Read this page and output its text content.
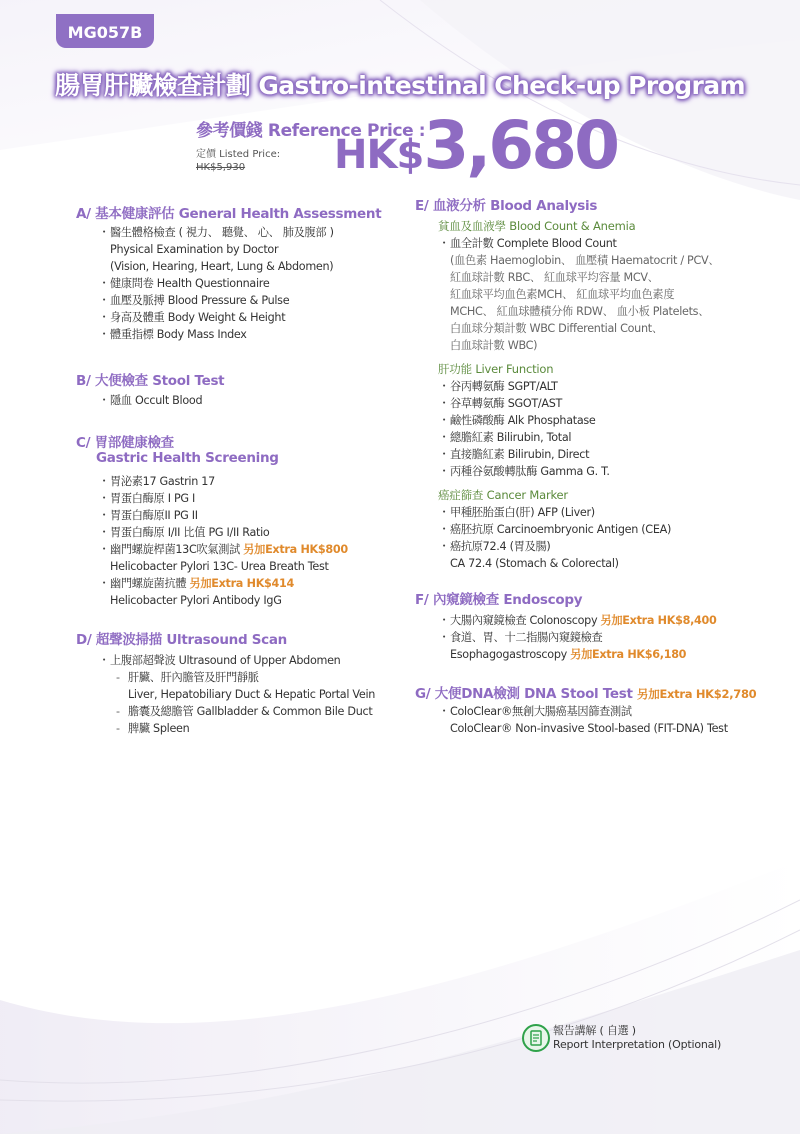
MG057B
腸胃肝臟檢查計劃 Gastro-intestinal Check-up Program
參考價錢 Reference Price :
定價 Listed Price:
HK$5,930 HK$3,680
A/ 基本健康評估 General Health Assessment
・醫生體格檢查 ( 視力、 聽覺、 心、 肺及腹部 )
Physical Examination by Doctor
(Vision, Hearing, Heart, Lung & Abdomen)
・健康問卷 Health Questionnaire
・血壓及脈搏 Blood Pressure & Pulse
・身高及體重 Body Weight & Height
・體重指標 Body Mass Index
B/ 大便檢查 Stool Test
・隱血 Occult Blood
C/ 胃部健康檢查
Gastric Health Screening
・胃泌素17 Gastrin 17
・胃蛋白酶原 I PG I
・胃蛋白酶原II PG II
・胃蛋白酶原 I/II 比值 PG I/II Ratio
・幽門螺旋桿菌13C吹氣測試 另加Extra HK$800
Helicobacter Pylori 13C- Urea Breath Test
・幽門螺旋菌抗體 另加Extra HK$414
Helicobacter Pylori Antibody IgG
D/ 超聲波掃描 Ultrasound Scan
・上腹部超聲波 Ultrasound of Upper Abdomen
- 肝臟、肝內膽管及肝門靜脈
Liver, Hepatobiliary Duct & Hepatic Portal Vein
- 膽囊及總膽管 Gallbladder & Common Bile Duct
- 脾臟 Spleen
E/ 血液分析 Blood Analysis
貧血及血液學 Blood Count & Anemia
・血全計數 Complete Blood Count
(血色素 Haemoglobin、 血壓積 Haematocrit / PCV、
紅血球計數 RBC、 紅血球平均容量 MCV、
紅血球平均血色素MCH、 紅血球平均血色素度
MCHC、 紅血球體積分佈 RDW、 血小板 Platelets、
白血球分類計數 WBC Differential Count、
白血球計數 WBC)
肝功能 Liver Function
・谷丙轉氨酶 SGPT/ALT
・谷草轉氨酶 SGOT/AST
・鹼性磷酸酶 Alk Phosphatase
・總膽紅素 Bilirubin, Total
・直接膽紅素 Bilirubin, Direct
・丙種谷氨酸轉肽酶 Gamma G. T.
癌症篩查 Cancer Marker
・甲種胚胎蛋白(肝) AFP (Liver)
・癌胚抗原 Carcinoembryonic Antigen (CEA)
・癌抗原72.4 (胃及腸)
CA 72.4 (Stomach & Colorectal)
F/ 內窺鏡檢查 Endoscopy
・大腸內窺鏡檢查 Colonoscopy 另加Extra HK$8,400
・食道、胃、十二指腸內窺鏡檢查
Esophagogastroscopy 另加Extra HK$6,180
G/ 大便DNA檢測 DNA Stool Test 另加Extra HK$2,780
・ColoClear®無創大腸癌基因篩查測試
ColoClear® Non-invasive Stool-based (FIT-DNA) Test
報告講解 ( 自選 )
Report Interpretation (Optional)
